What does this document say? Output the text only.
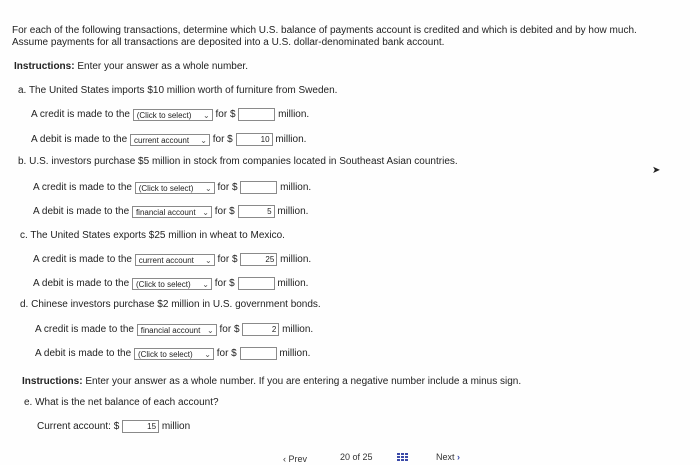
For each of the following transactions, determine which U.S. balance of payments account is credited and which is debited and by how much. Assume payments for all transactions are deposited into a U.S. dollar-denominated bank account.
Instructions: Enter your answer as a whole number.
a. The United States imports $10 million worth of furniture from Sweden.
A credit is made to the (Click to select) ⌄ for $	million.
A debit is made to the current account ⌄ for $	10 million.
b. U.S. investors purchase $5 million in stock from companies located in Southeast Asian countries.
A credit is made to the (Click to select) ⌄ for $	million.
A debit is made to the financial account ⌄ for $	5 million.
c. The United States exports $25 million in wheat to Mexico.
A credit is made to the current account ⌄ for $	25 million.
A debit is made to the (Click to select) ⌄ for $	million.
d. Chinese investors purchase $2 million in U.S. government bonds.
A credit is made to the financial account ⌄ for $	2 million.
A debit is made to the (Click to select) ⌄ for $	million.
Instructions: Enter your answer as a whole number. If you are entering a negative number include a minus sign.
e. What is the net balance of each account?
Current account: $	15 million
➤
‹ Prev	20 of 25	Next ›
